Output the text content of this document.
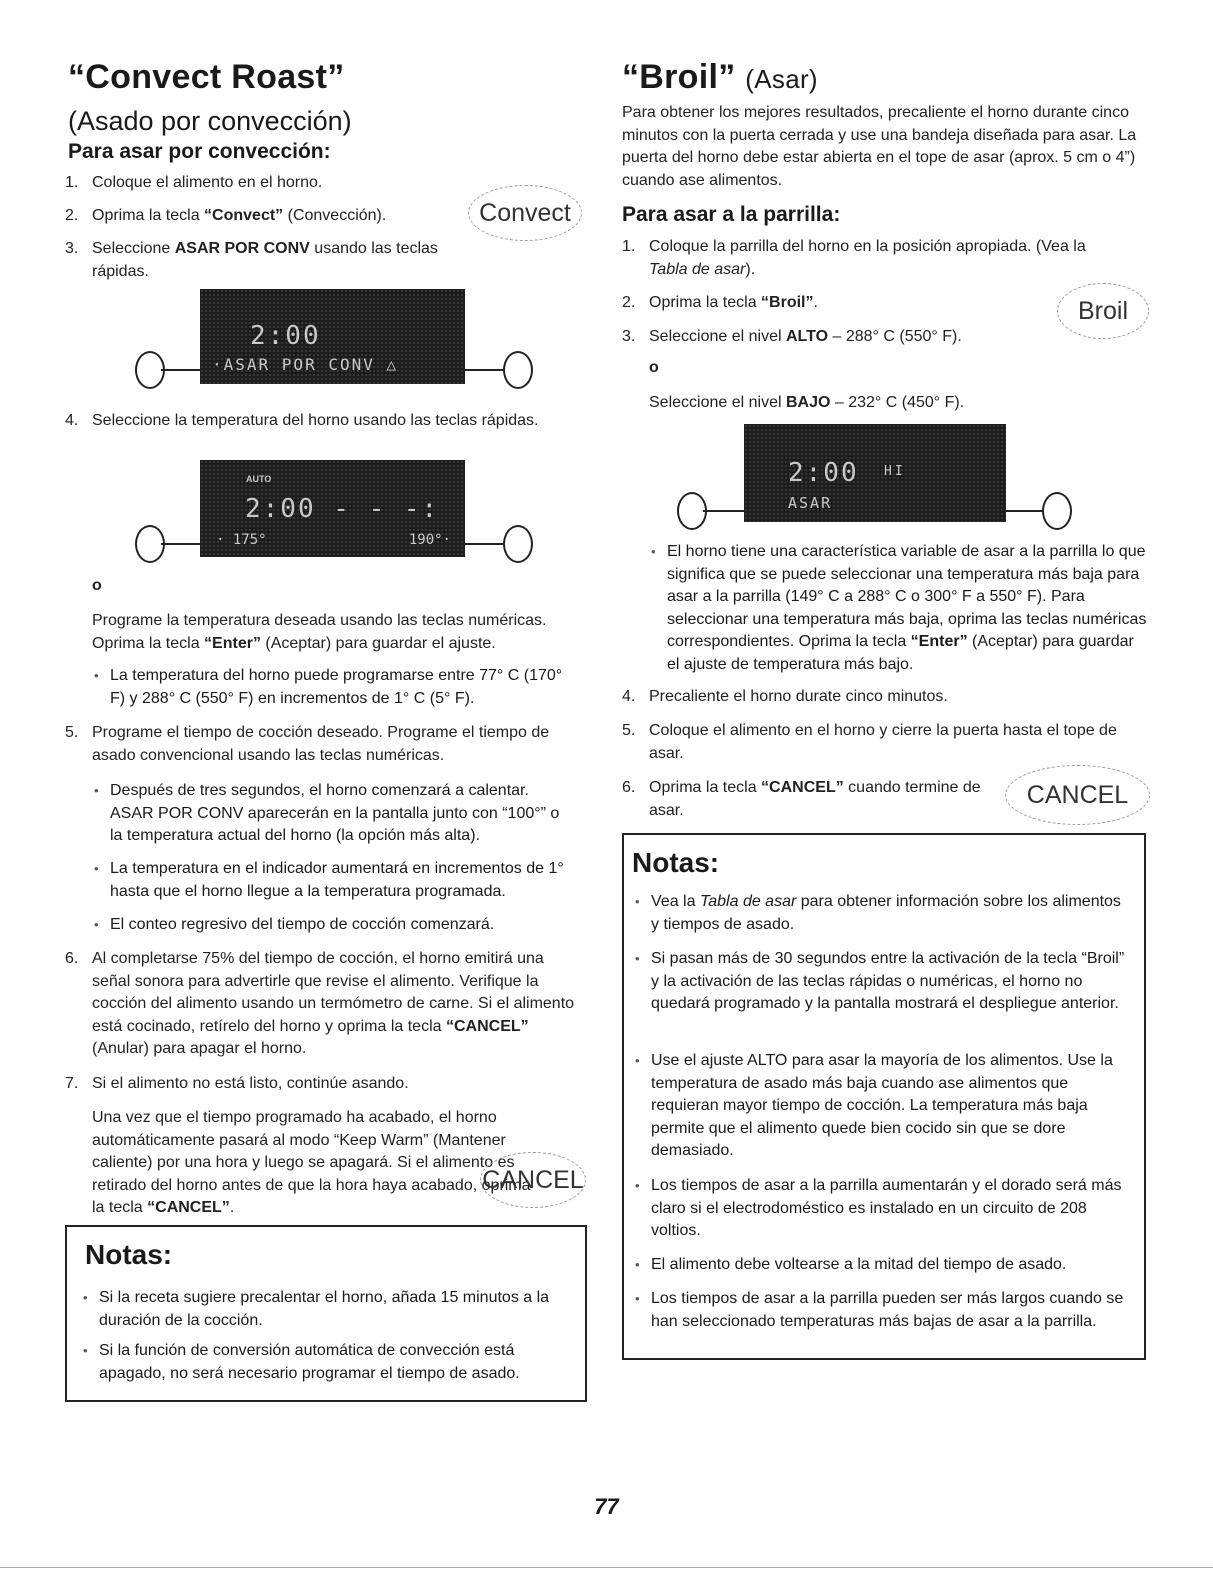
“Convect Roast”
(Asado por convección)
Para asar por convección:
1. Coloque el alimento en el horno.
2. Oprima la tecla “Convect” (Convección).
3. Seleccione ASAR POR CONV usando las teclas rápidas.
Convect
2:00
·ASAR POR CONV △
4. Seleccione la temperatura del horno usando las teclas rápidas.
AUTO
2:00 - - -:
· 175°	190°·
o
Programe la temperatura deseada usando las teclas numéricas. Oprima la tecla “Enter” (Aceptar) para guardar el ajuste.
• La temperatura del horno puede programarse entre 77° C (170° F) y 288° C (550° F) en incrementos de 1° C (5° F).
5. Programe el tiempo de cocción deseado. Programe el tiempo de asado convencional usando las teclas numéricas.
• Después de tres segundos, el horno comenzará a calentar. ASAR POR CONV aparecerán en la pantalla junto con “100°” o la temperatura actual del horno (la opción más alta).
• La temperatura en el indicador aumentará en incrementos de 1° hasta que el horno llegue a la temperatura programada.
• El conteo regresivo del tiempo de cocción comenzará.
6. Al completarse 75% del tiempo de cocción, el horno emitirá una señal sonora para advertirle que revise el alimento. Verifique la cocción del alimento usando un termómetro de carne. Si el alimento está cocinado, retírelo del horno y oprima la tecla “CANCEL” (Anular) para apagar el horno.
7. Si el alimento no está listo, continúe asando.
Una vez que el tiempo programado ha acabado, el horno automáticamente pasará al modo “Keep Warm” (Mantener caliente) por una hora y luego se apagará. Si el alimento es retirado del horno antes de que la hora haya acabado, oprima la tecla “CANCEL”.
CANCEL
Notas:
• Si la receta sugiere precalentar el horno, añada 15 minutos a la duración de la cocción.
• Si la función de conversión automática de convección está apagado, no será necesario programar el tiempo de asado.
“Broil” (Asar)
Para obtener los mejores resultados, precaliente el horno durante cinco minutos con la puerta cerrada y use una bandeja diseñada para asar. La puerta del horno debe estar abierta en el tope de asar (aprox. 5 cm o 4”) cuando ase alimentos.
Para asar a la parrilla:
1. Coloque la parrilla del horno en la posición apropiada. (Vea la Tabla de asar).
2. Oprima la tecla “Broil”.	Broil
3. Seleccione el nivel ALTO – 288° C (550° F).
o
Seleccione el nivel BAJO – 232° C (450° F).
2:00 HI
ASAR
• El horno tiene una característica variable de asar a la parrilla lo que significa que se puede seleccionar una temperatura más baja para asar a la parrilla (149° C a 288° C o 300° F a 550° F). Para seleccionar una temperatura más baja, oprima las teclas numéricas correspondientes. Oprima la tecla “Enter” (Aceptar) para guardar el ajuste de temperatura más bajo.
4. Precaliente el horno durate cinco minutos.
5. Coloque el alimento en el horno y cierre la puerta hasta el tope de asar.
6. Oprima la tecla “CANCEL” cuando termine de asar.
CANCEL
Notas:
• Vea la Tabla de asar para obtener información sobre los alimentos y tiempos de asado.
• Si pasan más de 30 segundos entre la activación de la tecla “Broil” y la activación de las teclas rápidas o numéricas, el horno no quedará programado y la pantalla mostrará el despliegue anterior.
• Use el ajuste ALTO para asar la mayoría de los alimentos. Use la temperatura de asado más baja cuando ase alimentos que requieran mayor tiempo de cocción. La temperatura más baja permite que el alimento quede bien cocido sin que se dore demasiado.
• Los tiempos de asar a la parrilla aumentarán y el dorado será más claro si el electrodoméstico es instalado en un circuito de 208 voltios.
• El alimento debe voltearse a la mitad del tiempo de asado.
• Los tiempos de asar a la parrilla pueden ser más largos cuando se han seleccionado temperaturas más bajas de asar a la parrilla.
77
